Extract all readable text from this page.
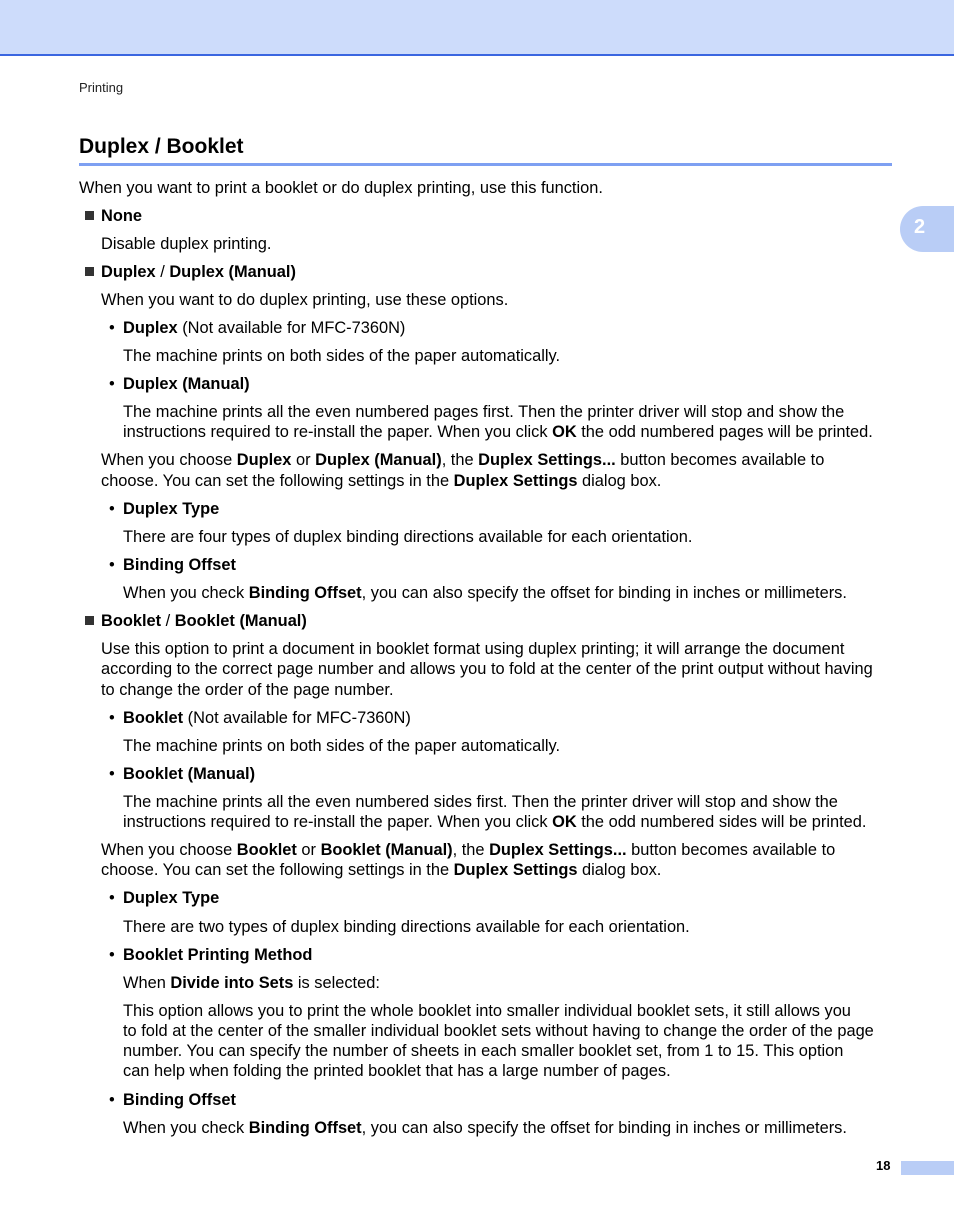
Printing
2
Duplex / Booklet
When you want to print a booklet or do duplex printing, use this function.
None
Disable duplex printing.
Duplex / Duplex (Manual)
When you want to do duplex printing, use these options.
• Duplex (Not available for MFC-7360N)
The machine prints on both sides of the paper automatically.
• Duplex (Manual)
The machine prints all the even numbered pages first. Then the printer driver will stop and show the
instructions required to re-install the paper. When you click OK the odd numbered pages will be printed.
When you choose Duplex or Duplex (Manual), the Duplex Settings... button becomes available to
choose. You can set the following settings in the Duplex Settings dialog box.
• Duplex Type
There are four types of duplex binding directions available for each orientation.
• Binding Offset
When you check Binding Offset, you can also specify the offset for binding in inches or millimeters.
Booklet / Booklet (Manual)
Use this option to print a document in booklet format using duplex printing; it will arrange the document
according to the correct page number and allows you to fold at the center of the print output without having
to change the order of the page number.
• Booklet (Not available for MFC-7360N)
The machine prints on both sides of the paper automatically.
• Booklet (Manual)
The machine prints all the even numbered sides first. Then the printer driver will stop and show the
instructions required to re-install the paper. When you click OK the odd numbered sides will be printed.
When you choose Booklet or Booklet (Manual), the Duplex Settings... button becomes available to
choose. You can set the following settings in the Duplex Settings dialog box.
• Duplex Type
There are two types of duplex binding directions available for each orientation.
• Booklet Printing Method
When Divide into Sets is selected:
This option allows you to print the whole booklet into smaller individual booklet sets, it still allows you
to fold at the center of the smaller individual booklet sets without having to change the order of the page
number. You can specify the number of sheets in each smaller booklet set, from 1 to 15. This option
can help when folding the printed booklet that has a large number of pages.
• Binding Offset
When you check Binding Offset, you can also specify the offset for binding in inches or millimeters.
18
